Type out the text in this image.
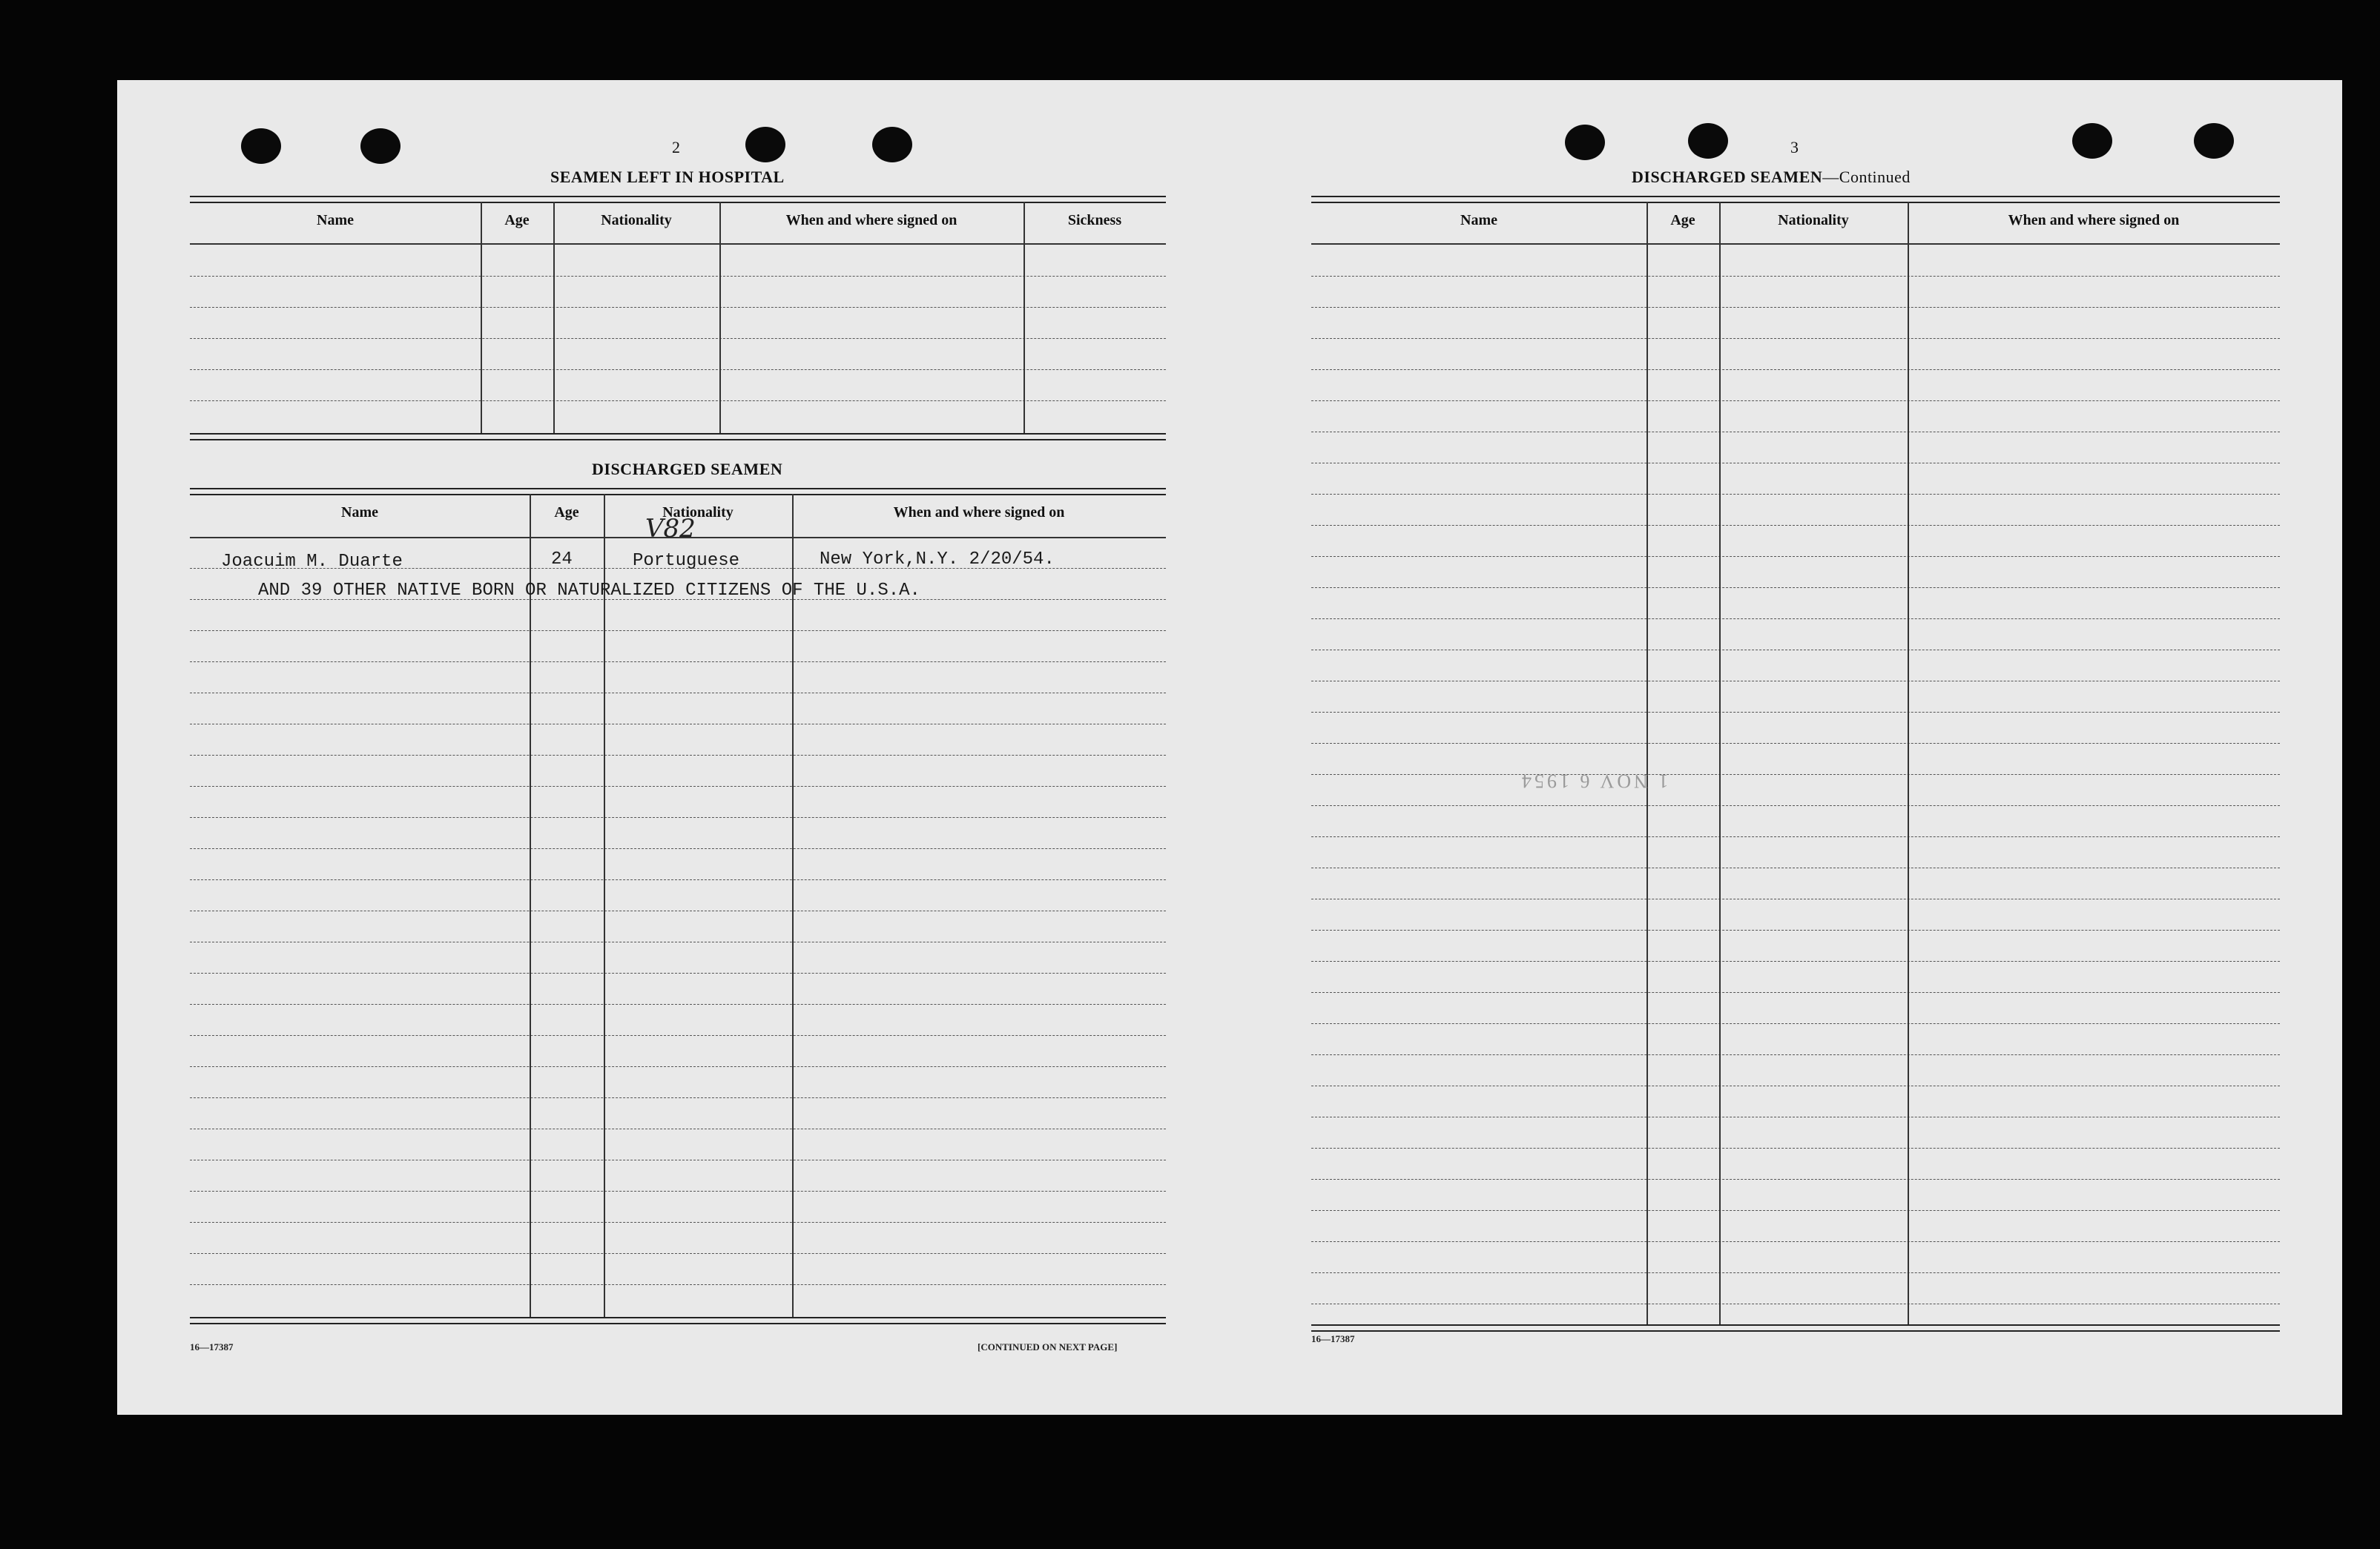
2
SEAMEN LEFT IN HOSPITAL
Name	Age	Nationality	When and where signed on	Sickness
DISCHARGED SEAMEN
Name	Age	Nationality	When and where signed on
Joacuim M. Duarte	24	Portuguese	New York,N.Y. 2/20/54.
AND 39 OTHER NATIVE BORN OR NATURALIZED CITIZENS OF THE U.S.A.
V82
16—17387	[CONTINUED ON NEXT PAGE]
3
DISCHARGED SEAMEN—Continued
Name	Age	Nationality	When and where signed on
1 NOV 6 1954
16—17387
